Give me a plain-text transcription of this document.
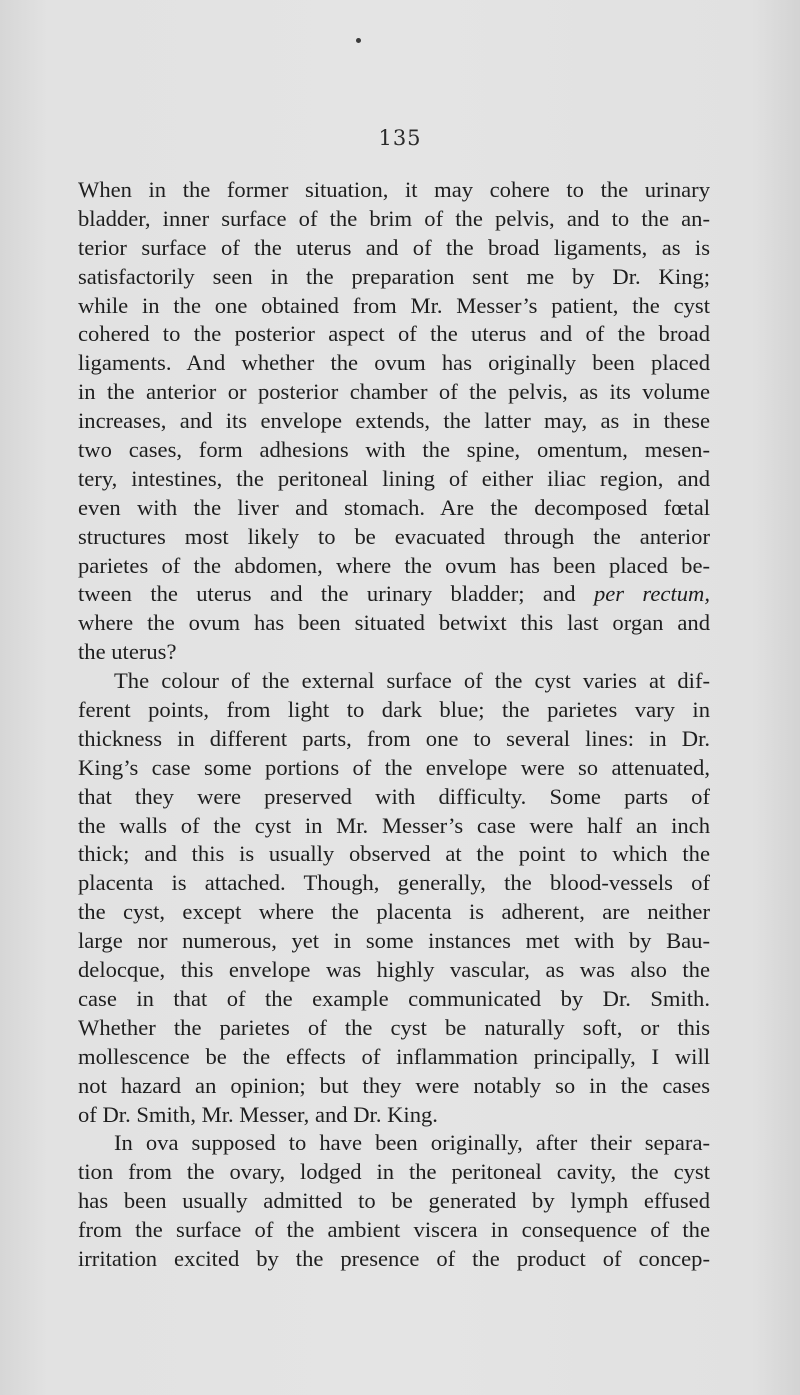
135
When in the former situation, it may cohere to the urinary
bladder, inner surface of the brim of the pelvis, and to the an-
terior surface of the uterus and of the broad ligaments, as is
satisfactorily seen in the preparation sent me by Dr. King;
while in the one obtained from Mr. Messer’s patient, the cyst
cohered to the posterior aspect of the uterus and of the broad
ligaments. And whether the ovum has originally been placed
in the anterior or posterior chamber of the pelvis, as its volume
increases, and its envelope extends, the latter may, as in these
two cases, form adhesions with the spine, omentum, mesen-
tery, intestines, the peritoneal lining of either iliac region, and
even with the liver and stomach. Are the decomposed fœtal
structures most likely to be evacuated through the anterior
parietes of the abdomen, where the ovum has been placed be-
tween the uterus and the urinary bladder; and per rectum,
where the ovum has been situated betwixt this last organ and
the uterus?
The colour of the external surface of the cyst varies at dif-
ferent points, from light to dark blue; the parietes vary in
thickness in different parts, from one to several lines: in Dr.
King’s case some portions of the envelope were so attenuated,
that they were preserved with difficulty. Some parts of
the walls of the cyst in Mr. Messer’s case were half an inch
thick; and this is usually observed at the point to which the
placenta is attached. Though, generally, the blood-vessels of
the cyst, except where the placenta is adherent, are neither
large nor numerous, yet in some instances met with by Bau-
delocque, this envelope was highly vascular, as was also the
case in that of the example communicated by Dr. Smith.
Whether the parietes of the cyst be naturally soft, or this
mollescence be the effects of inflammation principally, I will
not hazard an opinion; but they were notably so in the cases
of Dr. Smith, Mr. Messer, and Dr. King.
In ova supposed to have been originally, after their separa-
tion from the ovary, lodged in the peritoneal cavity, the cyst
has been usually admitted to be generated by lymph effused
from the surface of the ambient viscera in consequence of the
irritation excited by the presence of the product of concep-
